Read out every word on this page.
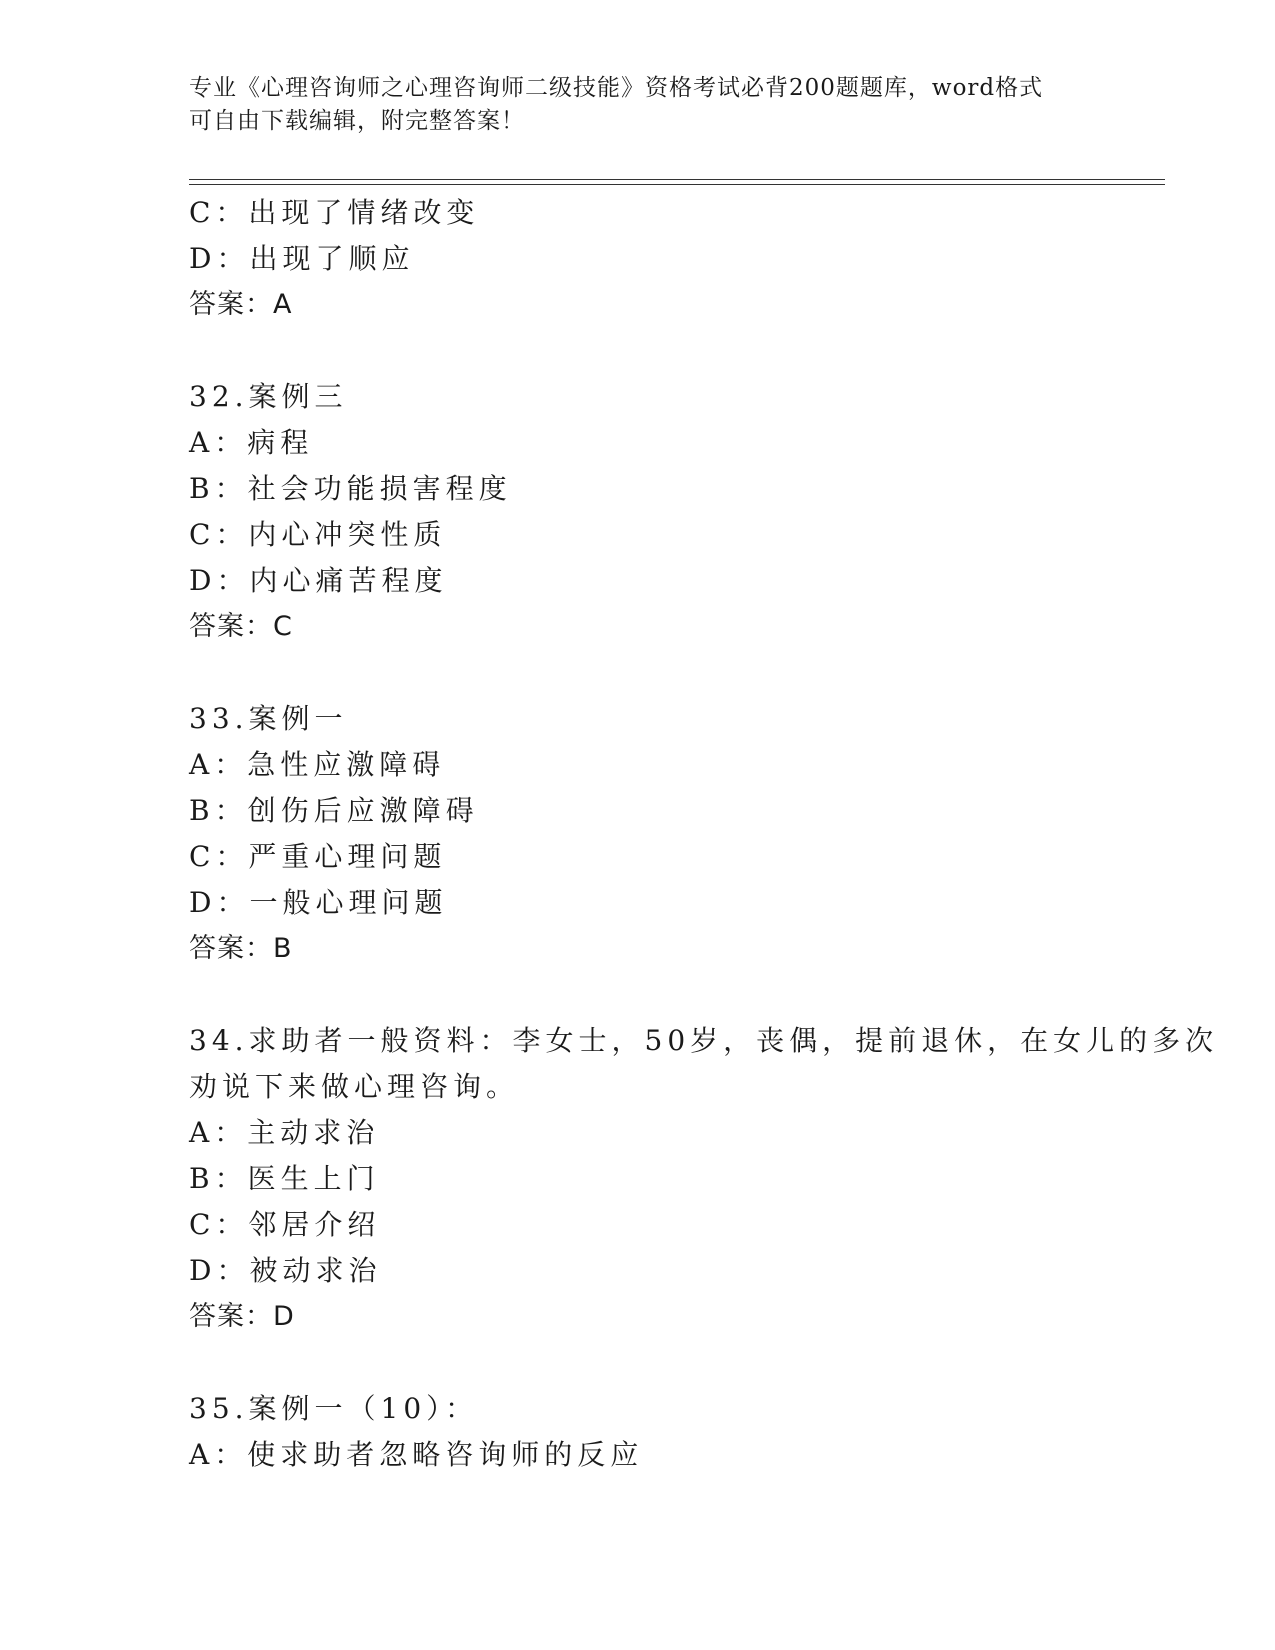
专业《心理咨询师之心理咨询师二级技能》资格考试必背200题题库，word格式
可自由下载编辑，附完整答案！
C：出现了情绪改变
D：出现了顺应
答案：A
32.案例三
A：病程
B：社会功能损害程度
C：内心冲突性质
D：内心痛苦程度
答案：C
33.案例一
A：急性应激障碍
B：创伤后应激障碍
C：严重心理问题
D：一般心理问题
答案：B
34.求助者一般资料：李女士，50岁，丧偶，提前退休，在女儿的多次
劝说下来做心理咨询。
A：主动求治
B：医生上门
C：邻居介绍
D：被动求治
答案：D
35.案例一（10）：
A：使求助者忽略咨询师的反应
